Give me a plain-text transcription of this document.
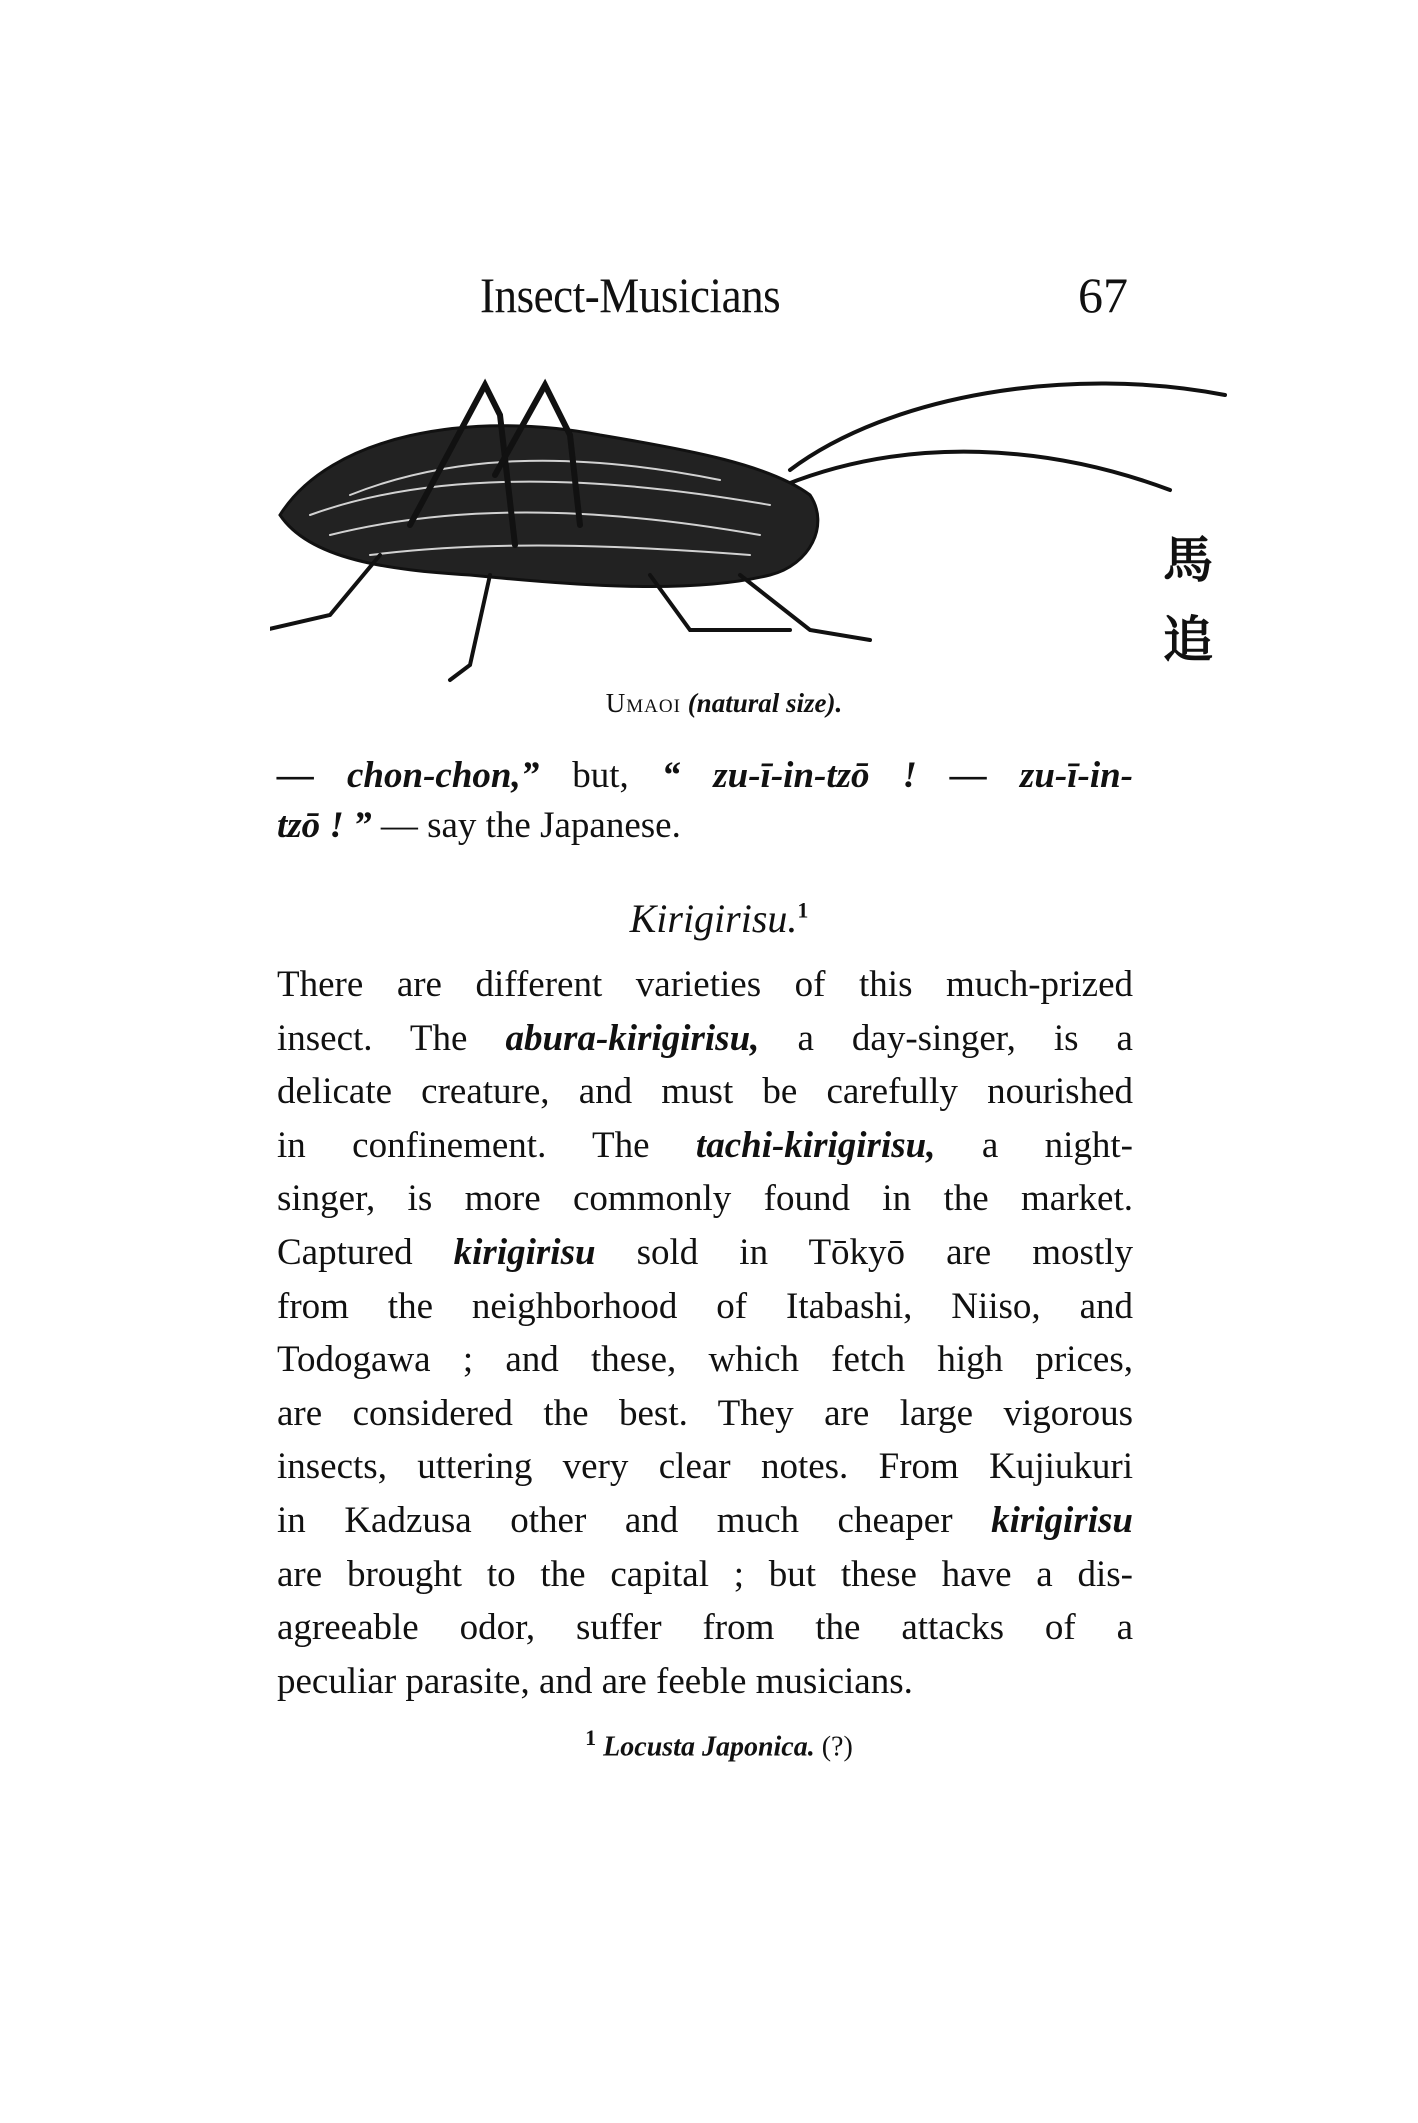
Insect-Musicians	67
馬
追
Umaoi (natural size).
— chon-chon,” but, “ zu-ī-in-tzō ! — zu-ī-in-
tzō ! ” — say the Japanese.
Kirigirisu.$^1$
There are different varieties of this much-prized
insect. The abura-kirigirisu, a day-singer, is a
delicate creature, and must be carefully nourished
in confinement. The tachi-kirigirisu, a night-
singer, is more commonly found in the market.
Captured kirigirisu sold in Tōkyō are mostly
from the neighborhood of Itabashi, Niiso, and
Todogawa ; and these, which fetch high prices,
are considered the best. They are large vigorous
insects, uttering very clear notes. From Kujiukuri
in Kadzusa other and much cheaper kirigirisu
are brought to the capital ; but these have a dis-
agreeable odor, suffer from the attacks of a
peculiar parasite, and are feeble musicians.
$^1$ Locusta Japonica. (?)
